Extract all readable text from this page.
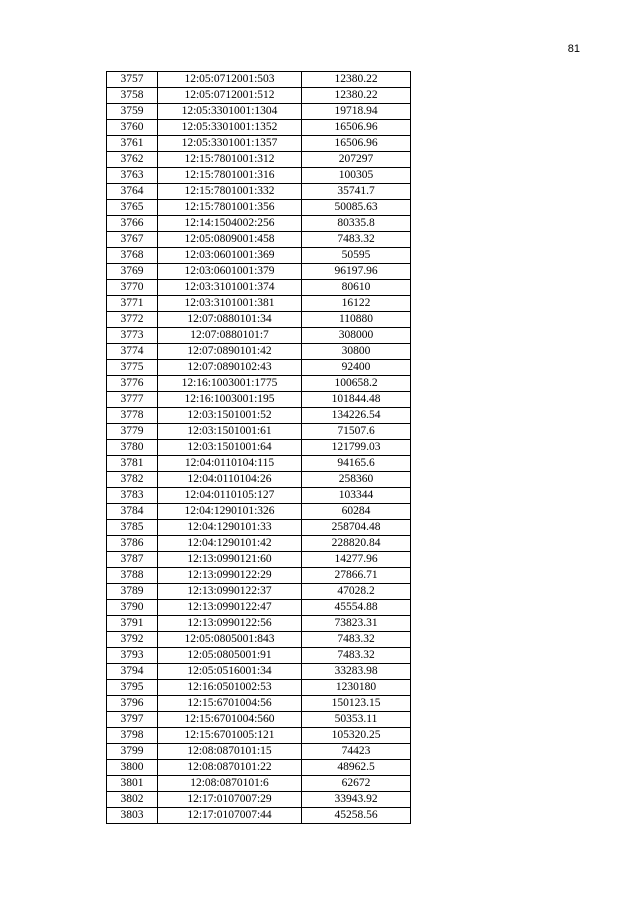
81
3757	12:05:0712001:503	12380.22
3758	12:05:0712001:512	12380.22
3759	12:05:3301001:1304	19718.94
3760	12:05:3301001:1352	16506.96
3761	12:05:3301001:1357	16506.96
3762	12:15:7801001:312	207297
3763	12:15:7801001:316	100305
3764	12:15:7801001:332	35741.7
3765	12:15:7801001:356	50085.63
3766	12:14:1504002:256	80335.8
3767	12:05:0809001:458	7483.32
3768	12:03:0601001:369	50595
3769	12:03:0601001:379	96197.96
3770	12:03:3101001:374	80610
3771	12:03:3101001:381	16122
3772	12:07:0880101:34	110880
3773	12:07:0880101:7	308000
3774	12:07:0890101:42	30800
3775	12:07:0890102:43	92400
3776	12:16:1003001:1775	100658.2
3777	12:16:1003001:195	101844.48
3778	12:03:1501001:52	134226.54
3779	12:03:1501001:61	71507.6
3780	12:03:1501001:64	121799.03
3781	12:04:0110104:115	94165.6
3782	12:04:0110104:26	258360
3783	12:04:0110105:127	103344
3784	12:04:1290101:326	60284
3785	12:04:1290101:33	258704.48
3786	12:04:1290101:42	228820.84
3787	12:13:0990121:60	14277.96
3788	12:13:0990122:29	27866.71
3789	12:13:0990122:37	47028.2
3790	12:13:0990122:47	45554.88
3791	12:13:0990122:56	73823.31
3792	12:05:0805001:843	7483.32
3793	12:05:0805001:91	7483.32
3794	12:05:0516001:34	33283.98
3795	12:16:0501002:53	1230180
3796	12:15:6701004:56	150123.15
3797	12:15:6701004:560	50353.11
3798	12:15:6701005:121	105320.25
3799	12:08:0870101:15	74423
3800	12:08:0870101:22	48962.5
3801	12:08:0870101:6	62672
3802	12:17:0107007:29	33943.92
3803	12:17:0107007:44	45258.56
